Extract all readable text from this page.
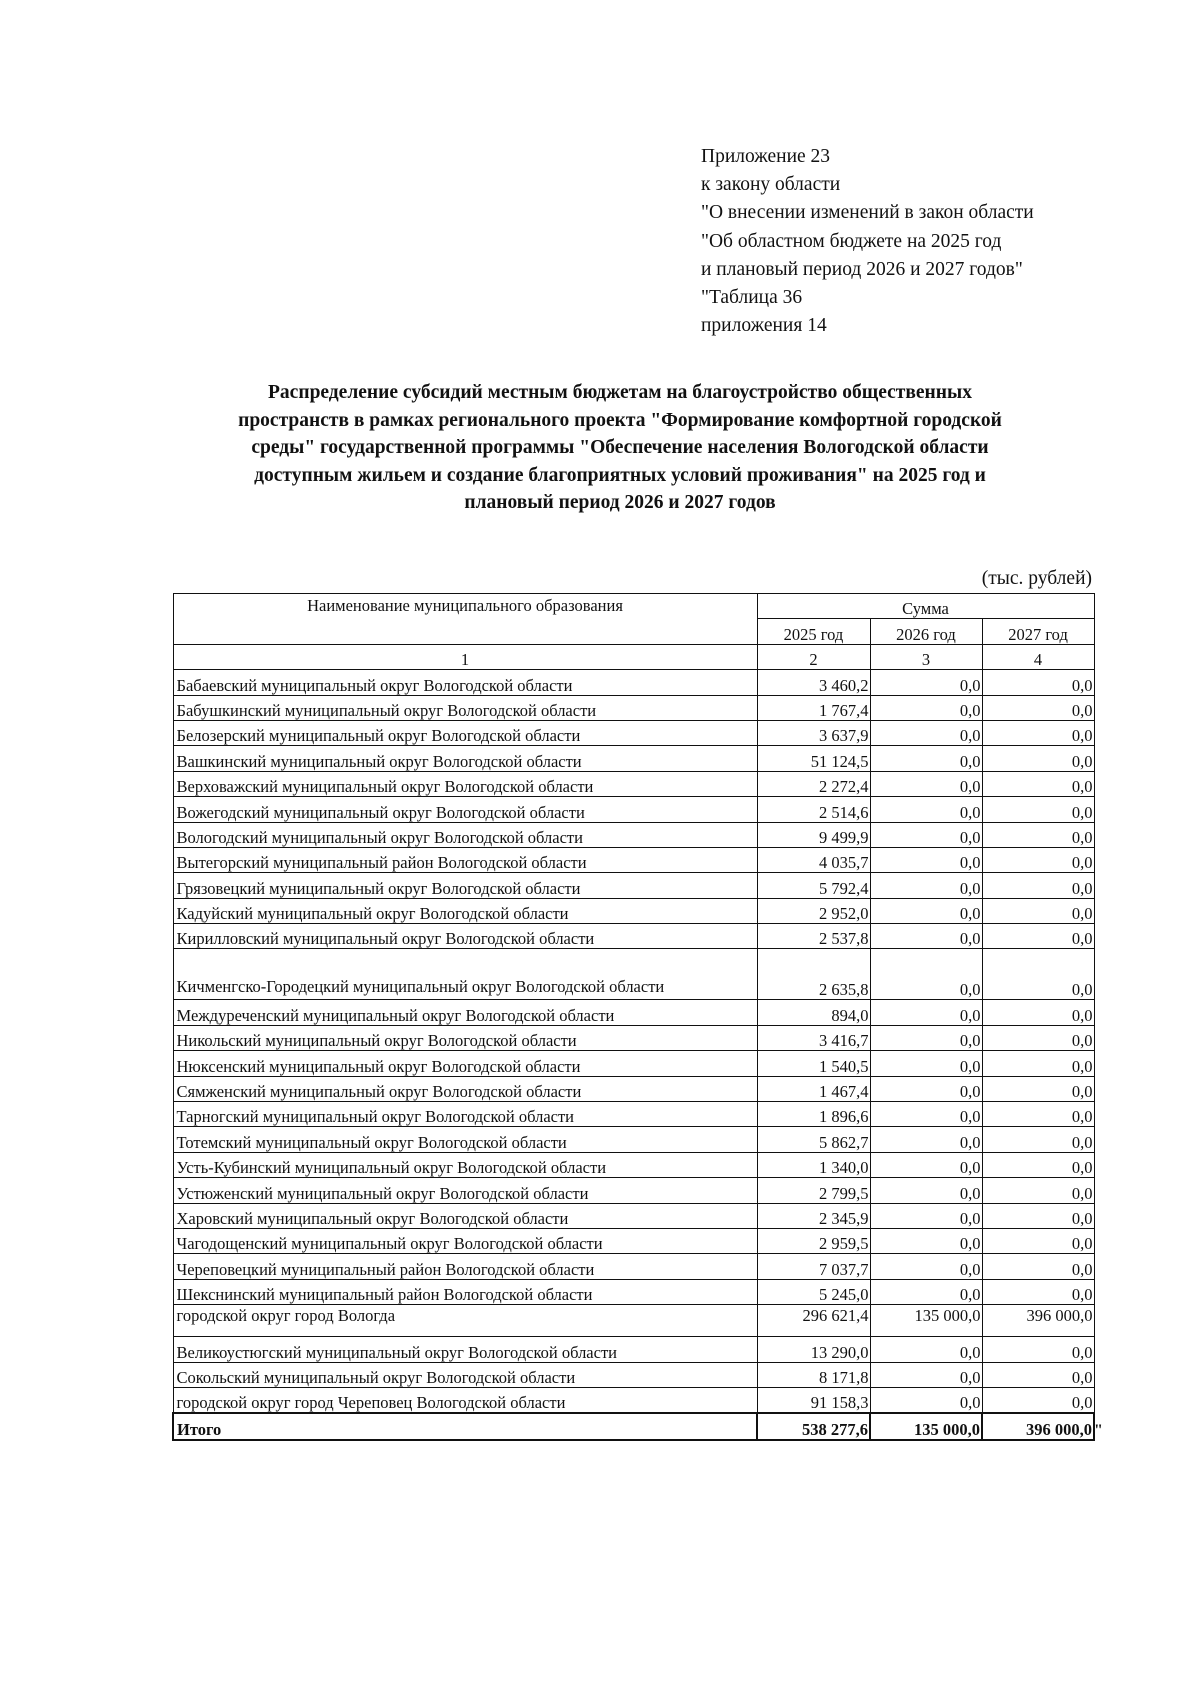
Приложение 23
к закону области
"О внесении изменений в закон области
"Об областном бюджете на 2025 год
и плановый период 2026 и 2027 годов"
"Таблица 36
приложения 14
Распределение субсидий местным бюджетам на благоустройство общественных
пространств в рамках регионального проекта "Формирование комфортной городской
среды" государственной программы "Обеспечение населения Вологодской области
доступным жильем и создание благоприятных условий проживания" на 2025 год и
плановый период 2026 и 2027 годов
(тыс. рублей)
Наименование муниципального образования	Сумма		
	2025 год	2026 год	2027 год
1	2	3	4
Бабаевский муниципальный округ Вологодской области	3 460,2	0,0	0,0
Бабушкинский муниципальный округ Вологодской области	1 767,4	0,0	0,0
Белозерский муниципальный округ Вологодской области	3 637,9	0,0	0,0
Вашкинский муниципальный округ Вологодской области	51 124,5	0,0	0,0
Верховажский муниципальный округ Вологодской области	2 272,4	0,0	0,0
Вожегодский муниципальный округ Вологодской области	2 514,6	0,0	0,0
Вологодский муниципальный округ Вологодской области	9 499,9	0,0	0,0
Вытегорский муниципальный район Вологодской области	4 035,7	0,0	0,0
Грязовецкий муниципальный округ Вологодской области	5 792,4	0,0	0,0
Кадуйский муниципальный округ Вологодской области	2 952,0	0,0	0,0
Кирилловский муниципальный округ Вологодской области	2 537,8	0,0	0,0
Кичменгско-Городецкий муниципальный округ Вологодской области	2 635,8	0,0	0,0
Междуреченский муниципальный округ Вологодской области	894,0	0,0	0,0
Никольский муниципальный округ Вологодской области	3 416,7	0,0	0,0
Нюксенский муниципальный округ Вологодской области	1 540,5	0,0	0,0
Сямженский муниципальный округ Вологодской области	1 467,4	0,0	0,0
Тарногский муниципальный округ Вологодской области	1 896,6	0,0	0,0
Тотемский муниципальный округ Вологодской области	5 862,7	0,0	0,0
Усть-Кубинский муниципальный округ Вологодской области	1 340,0	0,0	0,0
Устюженский муниципальный округ Вологодской области	2 799,5	0,0	0,0
Харовский муниципальный округ Вологодской области	2 345,9	0,0	0,0
Чагодощенский муниципальный округ Вологодской области	2 959,5	0,0	0,0
Череповецкий муниципальный район Вологодской области	7 037,7	0,0	0,0
Шекснинский муниципальный район Вологодской области	5 245,0	0,0	0,0
городской округ город Вологда	296 621,4	135 000,0	396 000,0
Великоустюгский муниципальный округ Вологодской области	13 290,0	0,0	0,0
Сокольский муниципальный округ Вологодской области	8 171,8	0,0	0,0
городской округ город Череповец Вологодской области	91 158,3	0,0	0,0
Итого	538 277,6	135 000,0	396 000,0 "
